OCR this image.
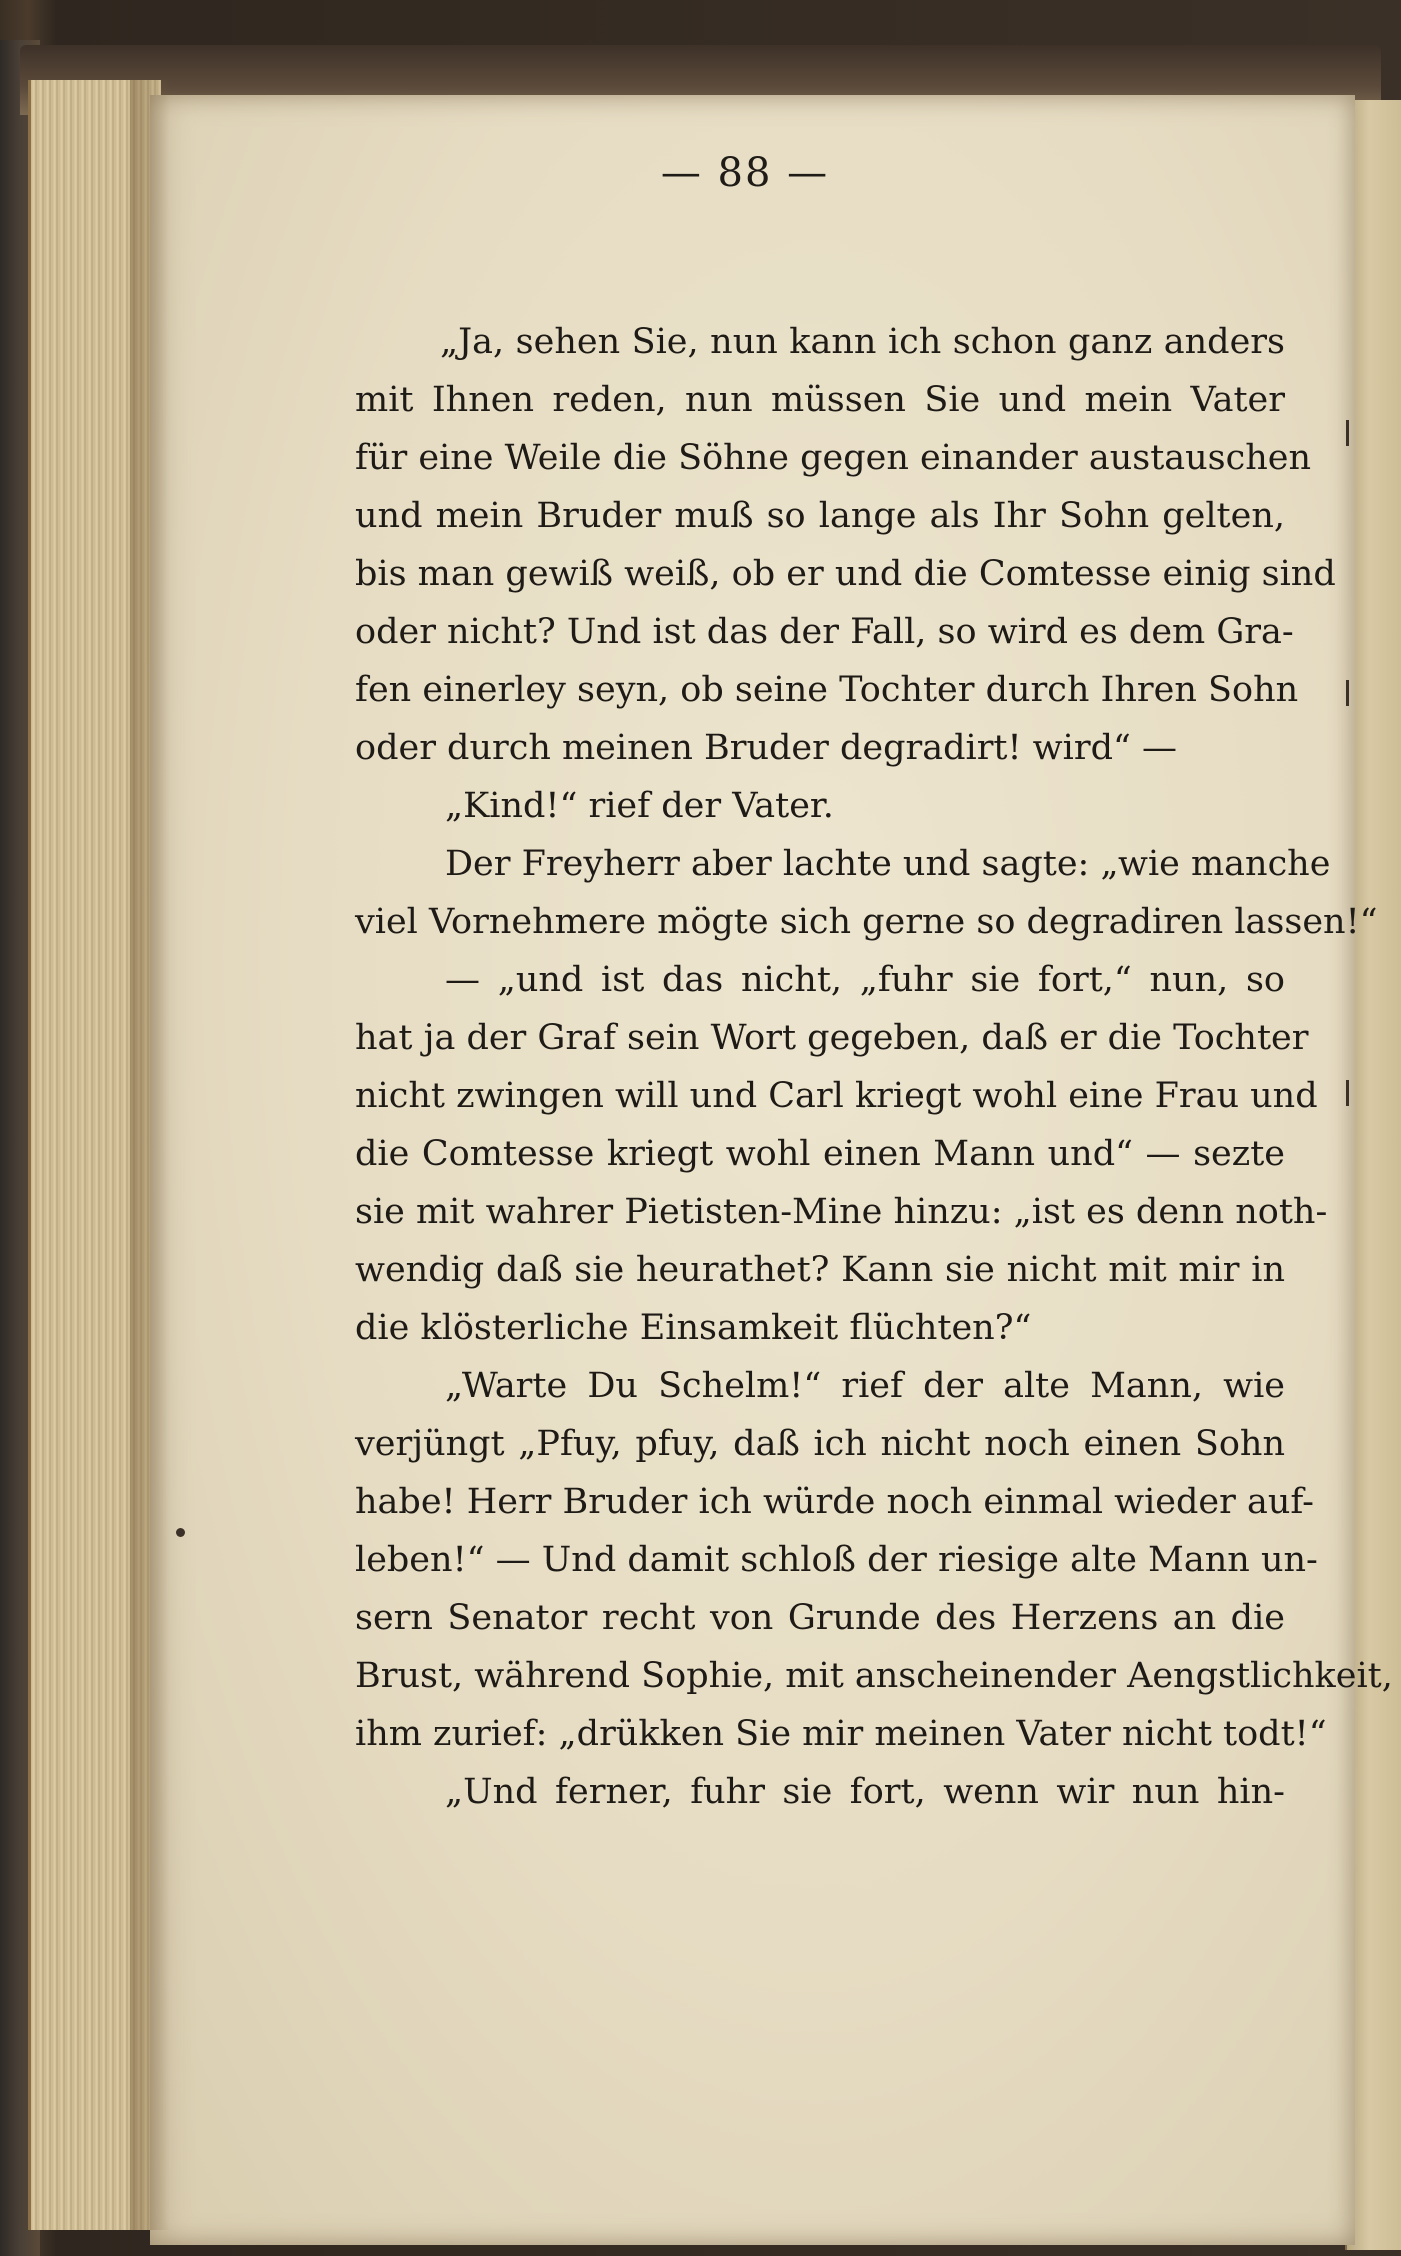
— 88 —
„Ja, sehen Sie, nun kann ich schon ganz anders
mit Ihnen reden, nun müssen Sie und mein Vater
für eine Weile die Söhne gegen einander austauschen
und mein Bruder muß so lange als Ihr Sohn gelten,
bis man gewiß weiß, ob er und die Comtesse einig sind
oder nicht? Und ist das der Fall, so wird es dem Gra-
fen einerley seyn, ob seine Tochter durch Ihren Sohn
oder durch meinen Bruder degradirt! wird“ —
„Kind!“ rief der Vater.
Der Freyherr aber lachte und sagte: „wie manche
viel Vornehmere mögte sich gerne so degradiren lassen!“
— „und ist das nicht, „fuhr sie fort,“ nun, so
hat ja der Graf sein Wort gegeben, daß er die Tochter
nicht zwingen will und Carl kriegt wohl eine Frau und
die Comtesse kriegt wohl einen Mann und“ — sezte
sie mit wahrer Pietisten-Mine hinzu: „ist es denn noth-
wendig daß sie heurathet? Kann sie nicht mit mir in
die klösterliche Einsamkeit flüchten?“
„Warte Du Schelm!“ rief der alte Mann, wie
verjüngt „Pfuy, pfuy, daß ich nicht noch einen Sohn
habe! Herr Bruder ich würde noch einmal wieder auf-
leben!“ — Und damit schloß der riesige alte Mann un-
sern Senator recht von Grunde des Herzens an die
Brust, während Sophie, mit anscheinender Aengstlichkeit,
ihm zurief: „drükken Sie mir meinen Vater nicht todt!“
„Und ferner, fuhr sie fort, wenn wir nun hin-
